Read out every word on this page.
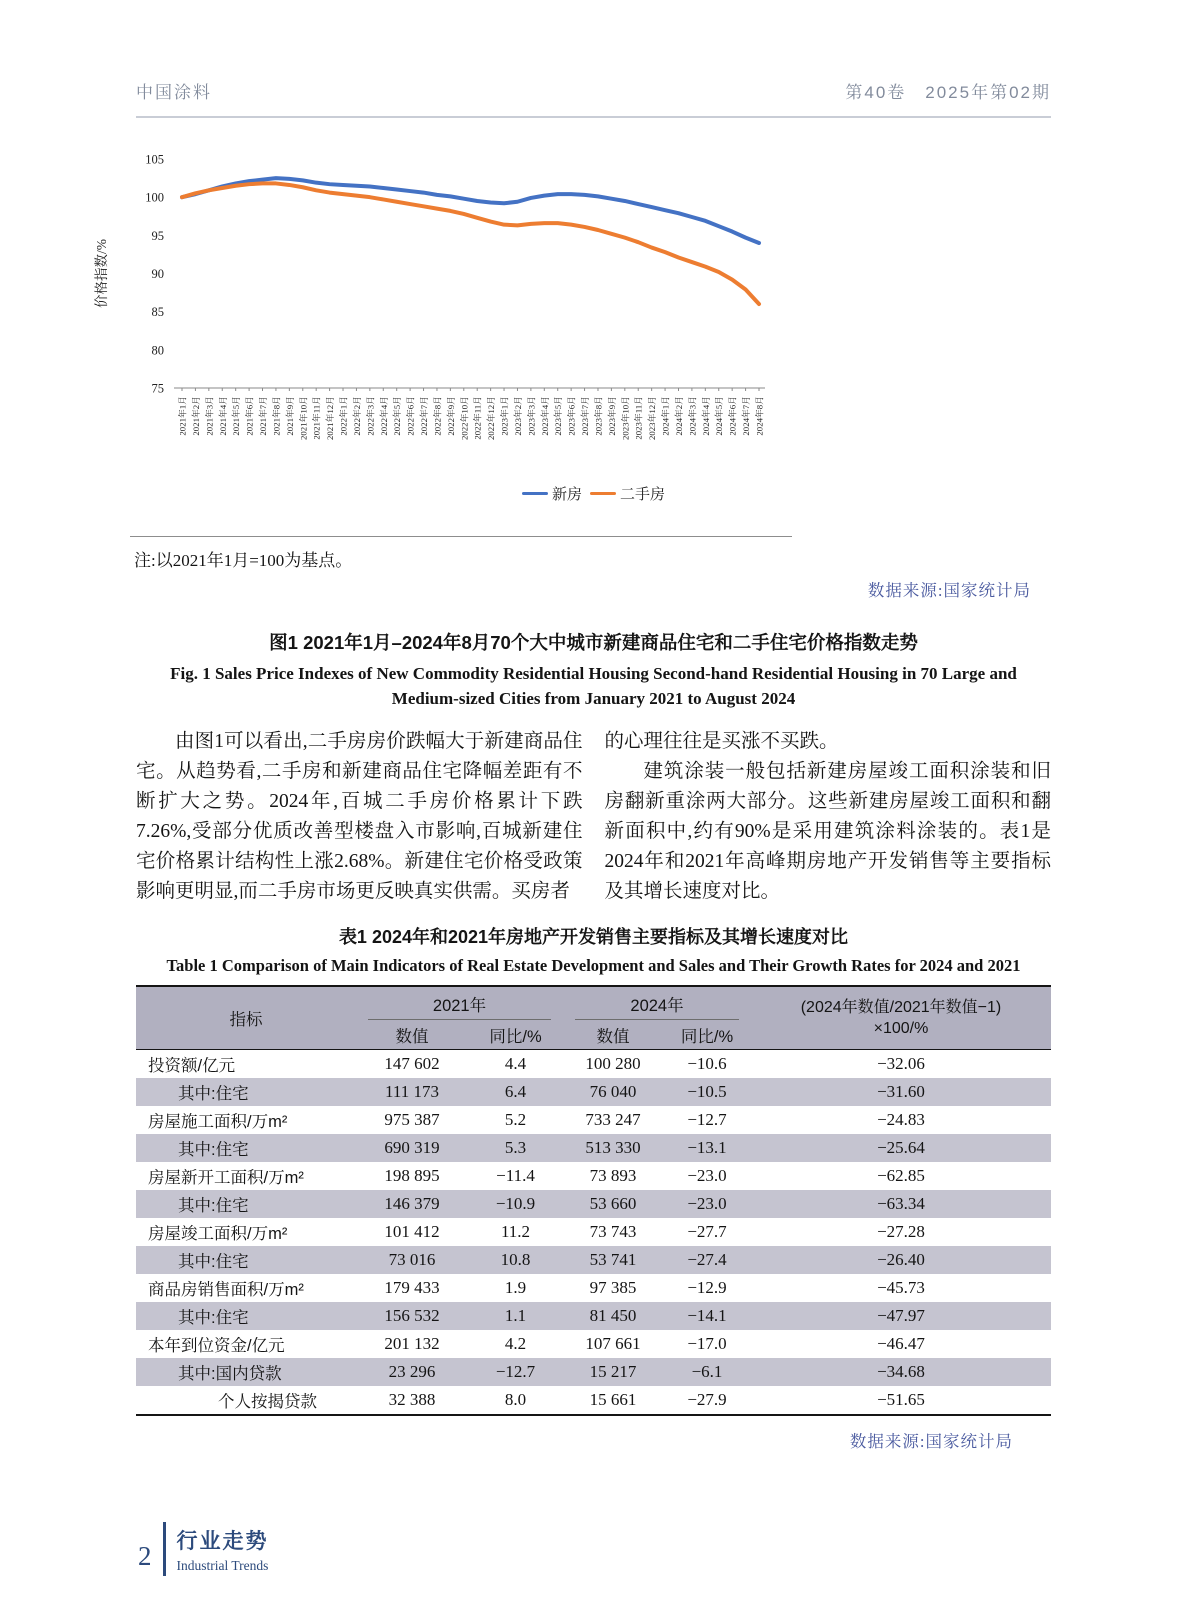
中国涂料	第40卷　2025年第02期
105
100
95
90
85
80
75
价格指数/%
2021年1月 2021年2月 2021年3月 2021年4月 2021年5月 2021年6月 2021年7月 2021年8月 2021年9月 2021年10月 2021年11月 2021年12月 2022年1月 2022年2月 2022年3月 2022年4月 2022年5月 2022年6月 2022年7月 2022年8月 2022年9月 2022年10月 2022年11月 2022年12月 2023年1月 2023年2月 2023年3月 2023年4月 2023年5月 2023年6月 2023年7月 2023年8月 2023年9月 2023年10月 2023年11月 2023年12月 2024年1月 2024年2月 2024年3月 2024年4月 2024年5月 2024年6月 2024年7月 2024年8月
新房	二手房
注:以2021年1月=100为基点。
数据来源:国家统计局
图1 2021年1月–2024年8月70个大中城市新建商品住宅和二手住宅价格指数走势
Fig. 1 Sales Price Indexes of New Commodity Residential Housing Second-hand Residential Housing in 70 Large and
Medium-sized Cities from January 2021 to August 2024

由图1可以看出,二手房房价跌幅大于新建商品住宅。从趋势看,二手房和新建商品住宅降幅差距有不断扩大之势。2024年,百城二手房价格累计下跌7.26%,受部分优质改善型楼盘入市影响,百城新建住宅价格累计结构性上涨2.68%。新建住宅价格受政策影响更明显,而二手房市场更反映真实供需。买房者

的心理往往是买涨不买跌。

建筑涂装一般包括新建房屋竣工面积涂装和旧房翻新重涂两大部分。这些新建房屋竣工面积和翻新面积中,约有90%是采用建筑涂料涂装的。表1是2024年和2021年高峰期房地产开发销售等主要指标及其增长速度对比。

表1 2024年和2021年房地产开发销售主要指标及其增长速度对比
Table 1 Comparison of Main Indicators of Real Estate Development and Sales and Their Growth Rates for 2024 and 2021
指标	2021年		2024年		(2024年数值/2021年数值−1)
×100/%

	数值	同比/%	数值	同比/%	
投资额/亿元	147 602	4.4	100 280	−10.6	−32.06
其中:住宅	111 173	6.4	76 040	−10.5	−31.60
房屋施工面积/万m²	975 387	5.2	733 247	−12.7	−24.83
其中:住宅	690 319	5.3	513 330	−13.1	−25.64
房屋新开工面积/万m²	198 895	−11.4	73 893	−23.0	−62.85
其中:住宅	146 379	−10.9	53 660	−23.0	−63.34
房屋竣工面积/万m²	101 412	11.2	73 743	−27.7	−27.28
其中:住宅	73 016	10.8	53 741	−27.4	−26.40
商品房销售面积/万m²	179 433	1.9	97 385	−12.9	−45.73
其中:住宅	156 532	1.1	81 450	−14.1	−47.97
本年到位资金/亿元	201 132	4.2	107 661	−17.0	−46.47
其中:国内贷款	23 296	−12.7	15 217	−6.1	−34.68
个人按揭贷款	32 388	8.0	15 661	−27.9	−51.65
数据来源:国家统计局
2 行业走势
Industrial Trends
